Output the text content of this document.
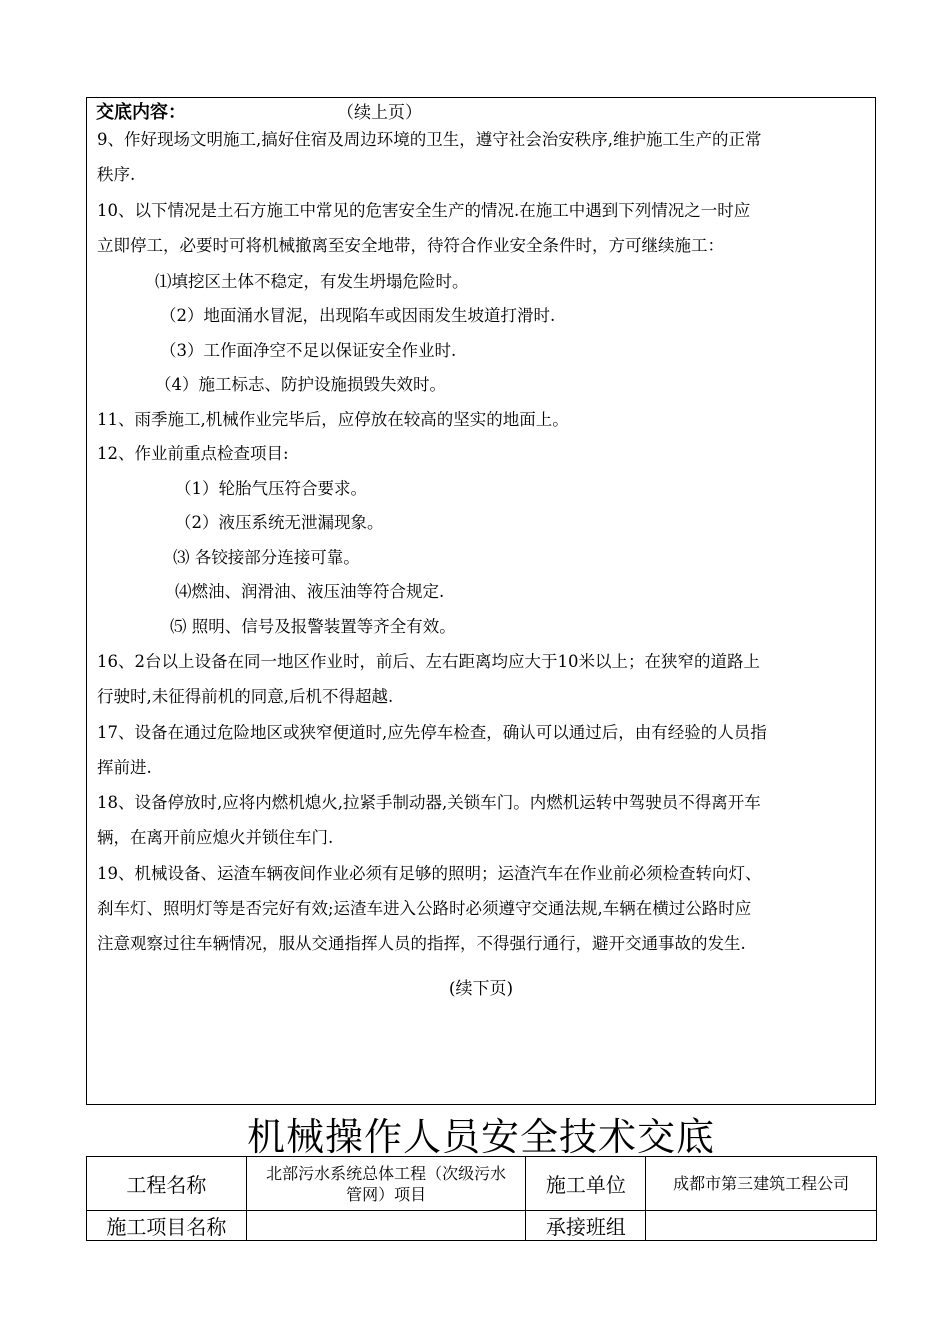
交底内容：	（续上页）
9、作好现场文明施工,搞好住宿及周边环境的卫生，遵守社会治安秩序,维护施工生产的正常
秩序.
10、以下情况是土石方施工中常见的危害安全生产的情况.在施工中遇到下列情况之一时应
立即停工，必要时可将机械撤离至安全地带，待符合作业安全条件时，方可继续施工：
⑴填挖区土体不稳定，有发生坍塌危险时。
（2）地面涌水冒泥，出现陷车或因雨发生坡道打滑时.
（3）工作面净空不足以保证安全作业时.
（4）施工标志、防护设施损毁失效时。
11、雨季施工,机械作业完毕后，应停放在较高的坚实的地面上。
12、作业前重点检查项目:
（1）轮胎气压符合要求。
（2）液压系统无泄漏现象。
⑶ 各铰接部分连接可靠。
⑷燃油、润滑油、液压油等符合规定.
⑸ 照明、信号及报警装置等齐全有效。
16、2台以上设备在同一地区作业时，前后、左右距离均应大于10米以上；在狭窄的道路上
行驶时,未征得前机的同意,后机不得超越.
17、设备在通过危险地区或狭窄便道时,应先停车检查，确认可以通过后，由有经验的人员指
挥前进.
18、设备停放时,应将内燃机熄火,拉紧手制动器,关锁车门。内燃机运转中驾驶员不得离开车
辆，在离开前应熄火并锁住车门.
19、机械设备、运渣车辆夜间作业必须有足够的照明；运渣汽车在作业前必须检查转向灯、
刹车灯、照明灯等是否完好有效;运渣车进入公路时必须遵守交通法规,车辆在横过公路时应
注意观察过往车辆情况，服从交通指挥人员的指挥，不得强行通行，避开交通事故的发生.
(续下页)
机械操作人员安全技术交底
工程名称	北部污水系统总体工程（次级污水管网）项目	施工单位	成都市第三建筑工程公司
施工项目名称		承接班组	
